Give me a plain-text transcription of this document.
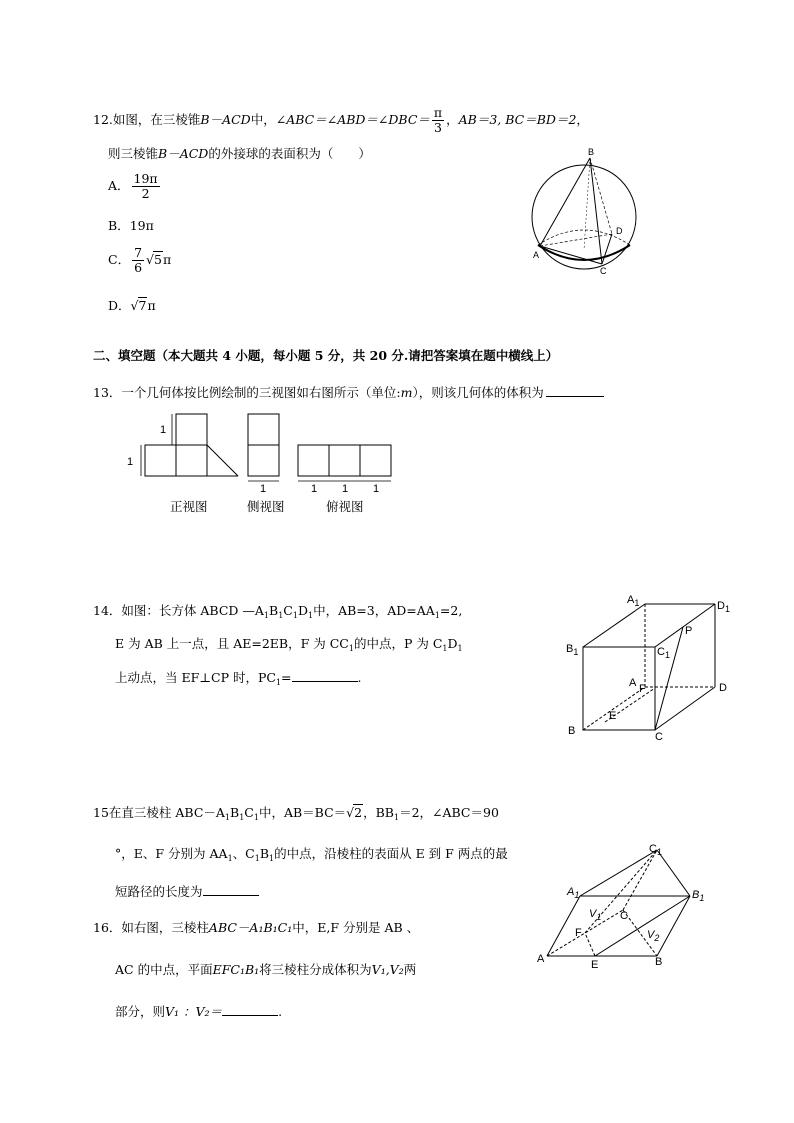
12.如图，在三棱锥B－ACD中，∠ABC＝∠ABD＝∠DBC＝ $\frac{\pi}{3}$ ，AB＝3, BC＝BD＝2，
则三棱锥B－ACD的外接球的表面积为（　　）
A． $\frac{19\pi}{2}$
B．19π
C． $\frac{7}{6} √5\pi$
D．√7π
B
D
A
C
二、填空题（本大题共 4 小题，每小题 5 分，共 20 分.请把答案填在题中横线上）
13．一个几何体按比例绘制的三视图如右图所示（单位:m），则该几何体的体积为
1
1
1	1 1 1
正视图	侧视图	俯视图
14．如图：长方体 ABCD $—A_1B_1C_1D_1$中，AB=3，$AD=AA_1=2$,
E 为 AB 上一点，且 AE=2EB，F 为 $CC_1$的中点，P 为 $C_1D_1$
上动点，当 EF⊥CP 时，$PC_1=$	.
$A_1$	$D_1$
$B_1$	$C_1$
P
A F	D
E
B	C
15在直三棱柱 $ABC-A_1B_1C_1$中，AB＝BC＝√2，$BB_1=2$，∠ABC＝90
°，E、F 分别为 $AA_1$、$C_1B_1$的中点，沿棱柱的表面从 E 到 F 两点的最
短路径的长度为
16．如右图，三棱柱ABC－A₁B₁C₁中，E,F 分别是 AB 、
AC 的中点，平面EFC₁B₁将三棱柱分成体积为V₁,V₂两
部分，则V₁ ：V₂＝	.
$C_1$
$A_1$	$B_1$
$V_1$ C
F	$V_2$
A	E	B
